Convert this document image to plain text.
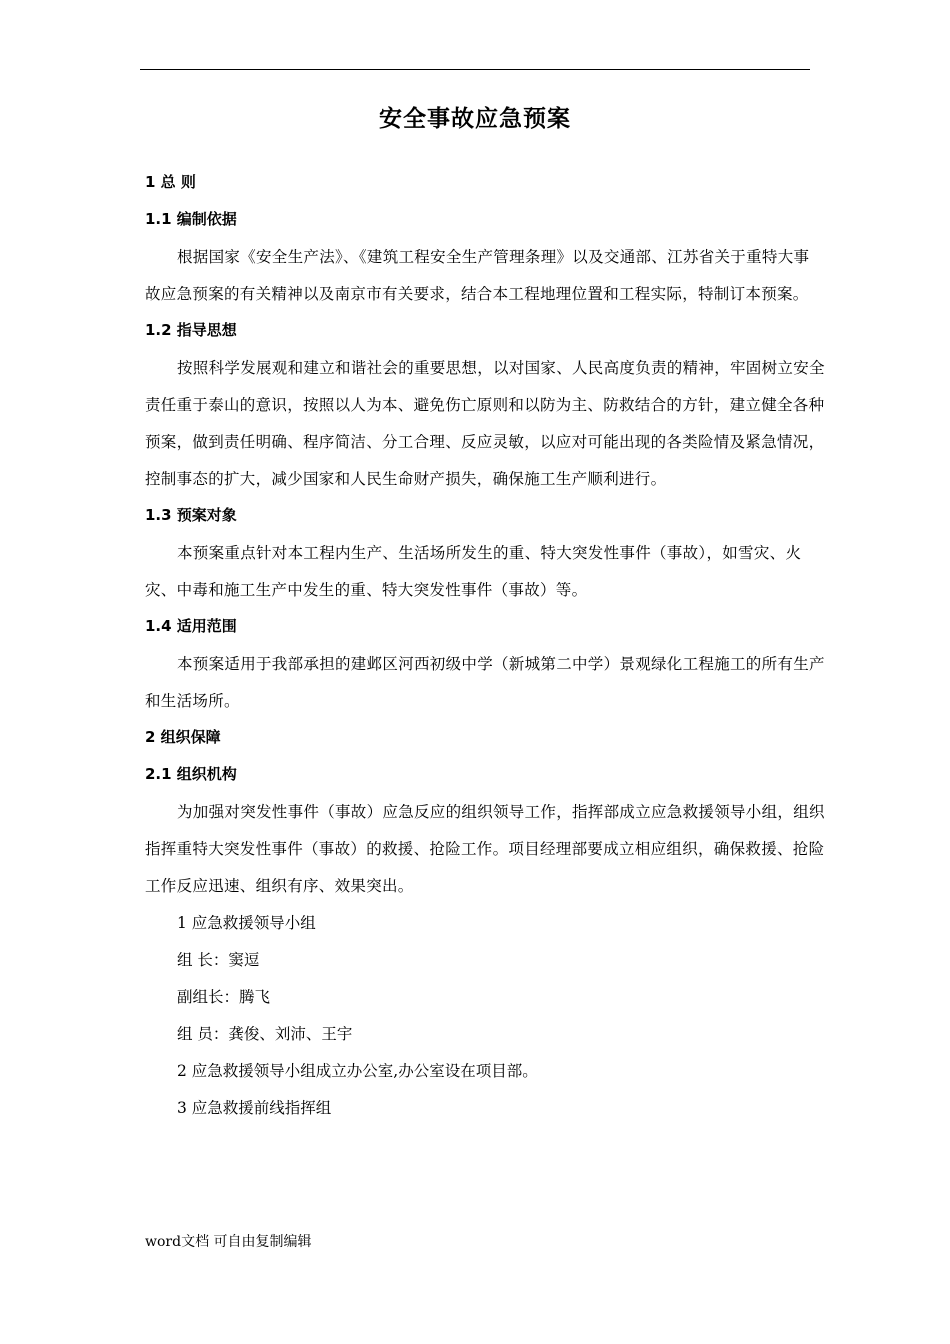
安全事故应急预案
1 总 则
1.1 编制依据

根据国家《安全生产法》、《建筑工程安全生产管理条理》以及交通部、江苏省关于重特大事故应急预案的有关精神以及南京市有关要求，结合本工程地理位置和工程实际，特制订本预案。

1.2 指导思想

按照科学发展观和建立和谐社会的重要思想，以对国家、人民高度负责的精神，牢固树立安全责任重于泰山的意识，按照以人为本、避免伤亡原则和以防为主、防救结合的方针，建立健全各种预案，做到责任明确、程序简洁、分工合理、反应灵敏，以应对可能出现的各类险情及紧急情况，控制事态的扩大，减少国家和人民生命财产损失，确保施工生产顺利进行。

1.3 预案对象

本预案重点针对本工程内生产、生活场所发生的重、特大突发性事件（事故），如雪灾、火灾、中毒和施工生产中发生的重、特大突发性事件（事故）等。

1.4 适用范围

本预案适用于我部承担的建邺区河西初级中学（新城第二中学）景观绿化工程施工的所有生产和生活场所。

2 组织保障
2.1 组织机构

为加强对突发性事件（事故）应急反应的组织领导工作，指挥部成立应急救援领导小组，组织指挥重特大突发性事件（事故）的救援、抢险工作。项目经理部要成立相应组织，确保救援、抢险工作反应迅速、组织有序、效果突出。

1 应急救援领导小组
组 长：窦逗
副组长：腾飞
组 员：龚俊、刘沛、王宇
2 应急救援领导小组成立办公室,办公室设在项目部。
3 应急救援前线指挥组
word文档 可自由复制编辑
